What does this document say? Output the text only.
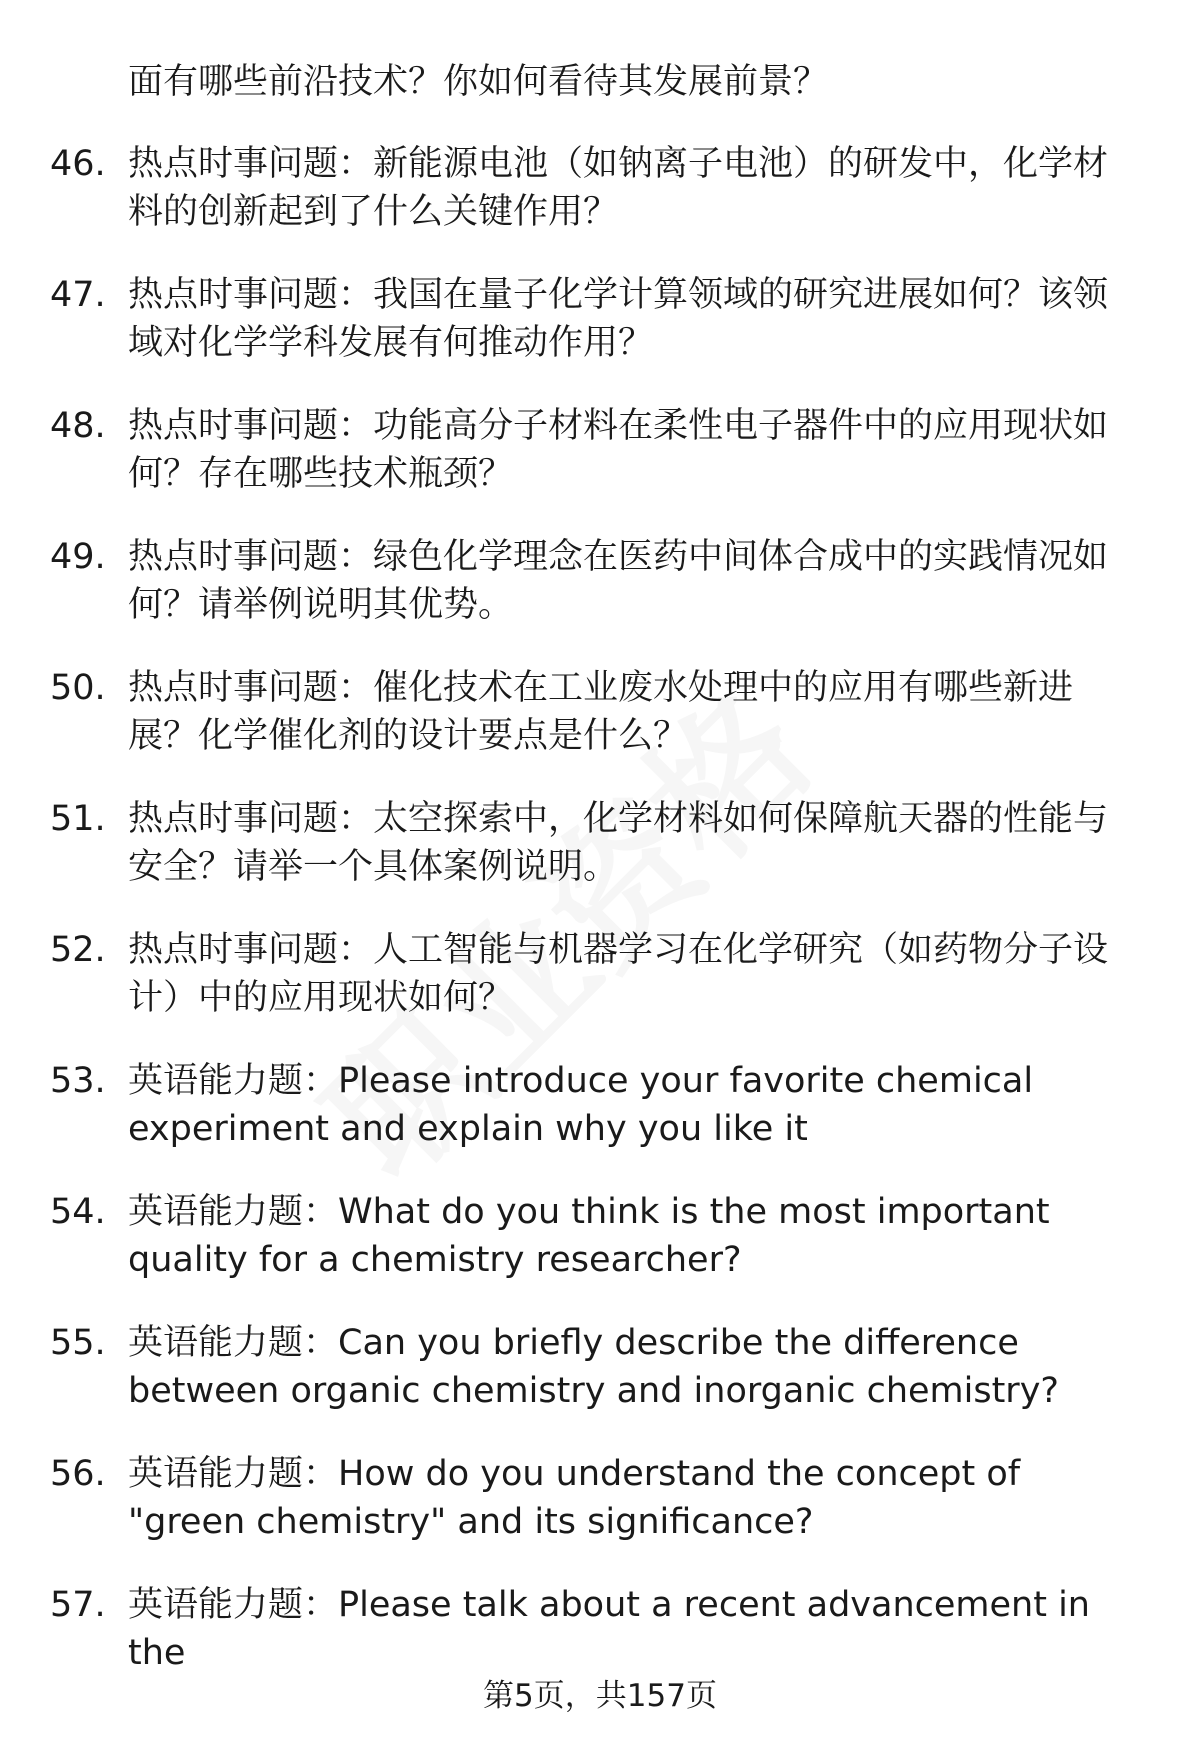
面有哪些前沿技术？你如何看待其发展前景？
46. 热点时事问题：新能源电池（如钠离子电池）的研发中，化学材料的创新起到了什么关键作用？
47. 热点时事问题：我国在量子化学计算领域的研究进展如何？该领域对化学学科发展有何推动作用？
48. 热点时事问题：功能高分子材料在柔性电子器件中的应用现状如何？存在哪些技术瓶颈？
49. 热点时事问题：绿色化学理念在医药中间体合成中的实践情况如何？请举例说明其优势。
50. 热点时事问题：催化技术在工业废水处理中的应用有哪些新进展？化学催化剂的设计要点是什么？
51. 热点时事问题：太空探索中，化学材料如何保障航天器的性能与安全？请举一个具体案例说明。
52. 热点时事问题：人工智能与机器学习在化学研究（如药物分子设计）中的应用现状如何？
53. 英语能力题：Please introduce your favorite chemical experiment and explain why you like it
54. 英语能力题：What do you think is the most important quality for a chemistry researcher?
55. 英语能力题：Can you briefly describe the difference between organic chemistry and inorganic chemistry?
56. 英语能力题：How do you understand the concept of "green chemistry" and its significance?
57. 英语能力题：Please talk about a recent advancement in the
第5页，共157页
